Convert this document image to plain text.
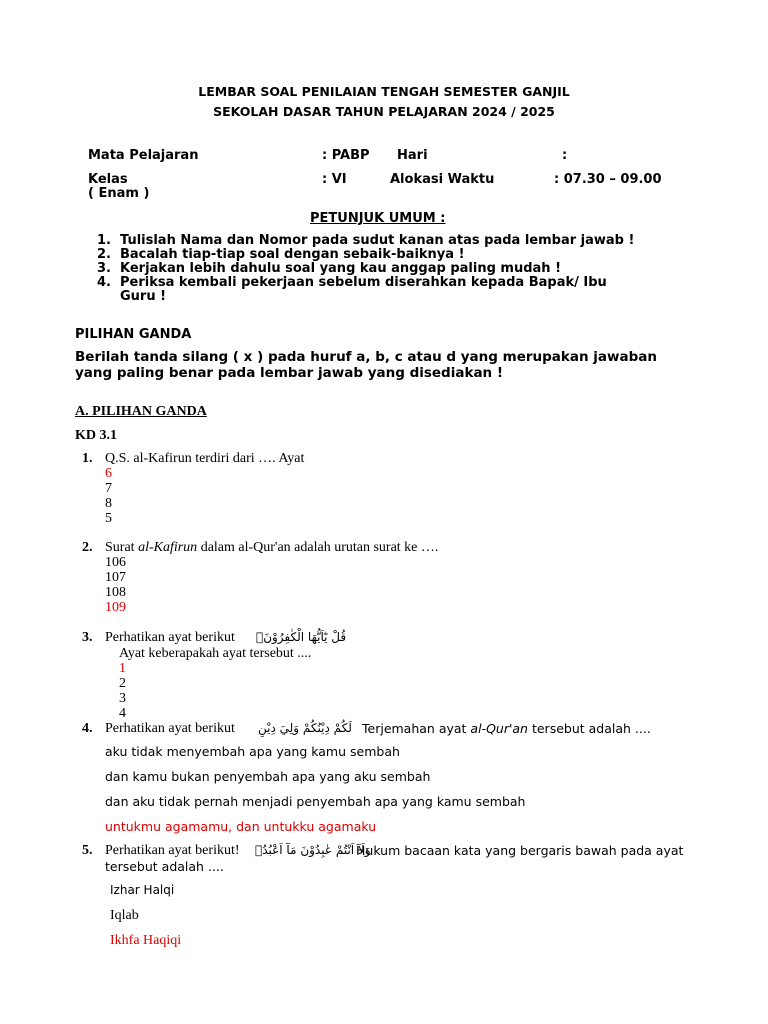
LEMBAR SOAL PENILAIAN TENGAH SEMESTER GANJIL
SEKOLAH DASAR TAHUN PELAJARAN 2024 / 2025
Mata Pelajaran	: PABP Hari	:
Kelas	: VI	Alokasi Waktu	: 07.30 – 09.00
( Enam )
PETUNJUK UMUM :
1. Tulislah Nama dan Nomor pada sudut kanan atas pada lembar jawab !
2. Bacalah tiap-tiap soal dengan sebaik-baiknya !
3. Kerjakan lebih dahulu soal yang kau anggap paling mudah !
4. Periksa kembali pekerjaan sebelum diserahkan kepada Bapak/ Ibu
Guru !
PILIHAN GANDA
Berilah tanda silang ( x ) pada huruf a, b, c atau d yang merupakan jawaban
yang paling benar pada lembar jawab yang disediakan !
A. PILIHAN GANDA
KD 3.1
1. Q.S. al-Kafirun terdiri dari …. Ayat
6
7
8
5
2. Surat al-Kafirun dalam al-Qur'an adalah urutan surat ke ….
106
107
108
109
3. Perhatikan ayat berikut قُلْ يٰٓاَيُّهَا الْكٰفِرُوْنَۙ
Ayat keberapakah ayat tersebut ....
1
2
3
4
4. Perhatikan ayat berikut لَكُمْ دِيْنُكُمْ وَلِيَ دِيْنِ Terjemahan ayat al-Qur'an tersebut adalah ....
aku tidak menyembah apa yang kamu sembah
dan kamu bukan penyembah apa yang aku sembah
dan aku tidak pernah menjadi penyembah apa yang kamu sembah
untukmu agamamu, dan untukku agamaku
5. Perhatikan ayat berikut! وَلَآ اَنْتُمْ عٰبِدُوْنَ مَآ اَعْبُدُۚ
Hukum bacaan kata yang bergaris bawah pada ayat
tersebut adalah ....
Izhar Halqi
Iqlab
Ikhfa Haqiqi
